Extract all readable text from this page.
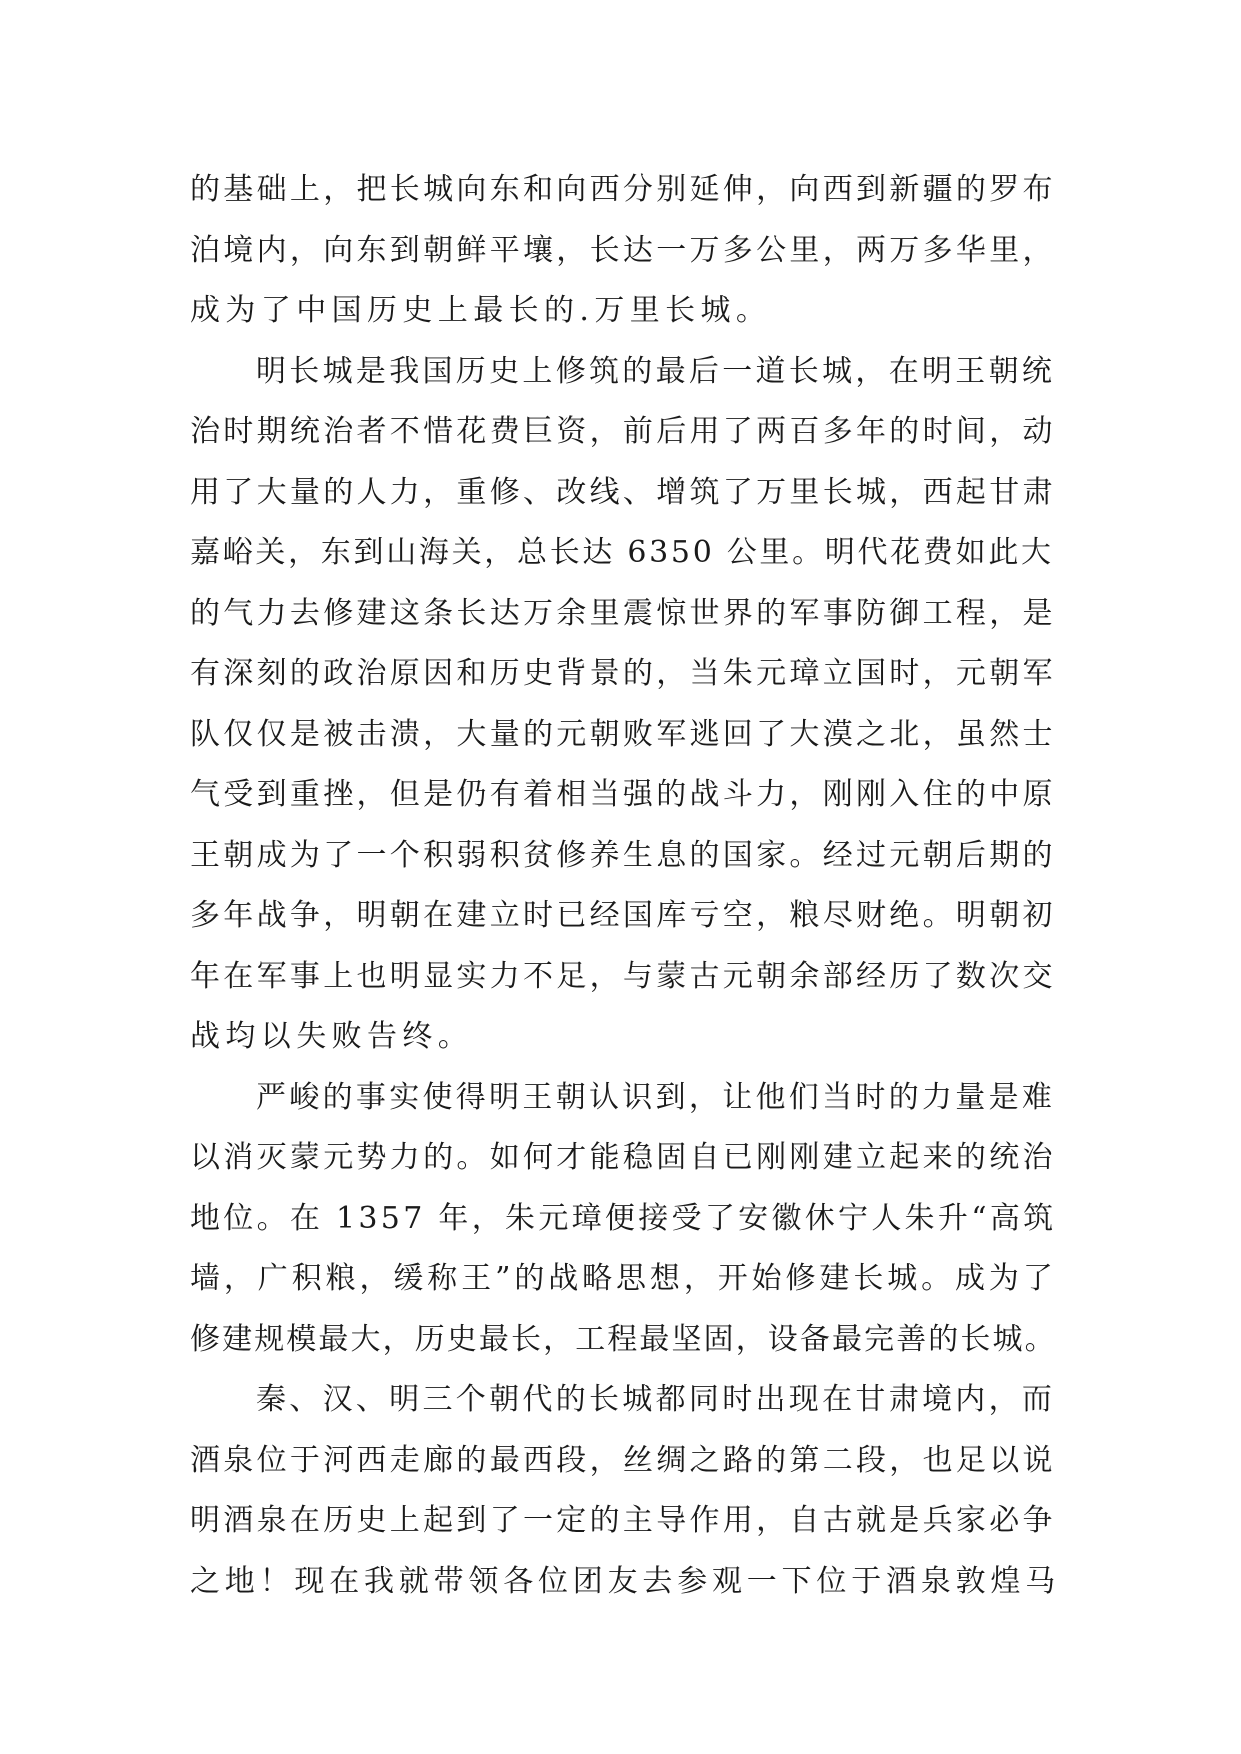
的基础上，把长城向东和向西分别延伸，向西到新疆的罗布
泊境内，向东到朝鲜平壤，长达一万多公里，两万多华里，
成为了中国历史上最长的.万里长城。
明长城是我国历史上修筑的最后一道长城，在明王朝统
治时期统治者不惜花费巨资，前后用了两百多年的时间，动
用了大量的人力，重修、改线、增筑了万里长城，西起甘肃
嘉峪关，东到山海关，总长达 6350 公里。明代花费如此大
的气力去修建这条长达万余里震惊世界的军事防御工程，是
有深刻的政治原因和历史背景的，当朱元璋立国时，元朝军
队仅仅是被击溃，大量的元朝败军逃回了大漠之北，虽然士
气受到重挫，但是仍有着相当强的战斗力，刚刚入住的中原
王朝成为了一个积弱积贫修养生息的国家。经过元朝后期的
多年战争，明朝在建立时已经国库亏空，粮尽财绝。明朝初
年在军事上也明显实力不足，与蒙古元朝余部经历了数次交
战均以失败告终。
严峻的事实使得明王朝认识到，让他们当时的力量是难
以消灭蒙元势力的。如何才能稳固自已刚刚建立起来的统治
地位。在 1357 年，朱元璋便接受了安徽休宁人朱升“高筑
墙，广积粮，缓称王”的战略思想，开始修建长城。成为了
修建规模最大，历史最长，工程最坚固，设备最完善的长城。
秦、汉、明三个朝代的长城都同时出现在甘肃境内，而
酒泉位于河西走廊的最西段，丝绸之路的第二段，也足以说
明酒泉在历史上起到了一定的主导作用，自古就是兵家必争
之地！现在我就带领各位团友去参观一下位于酒泉敦煌马
